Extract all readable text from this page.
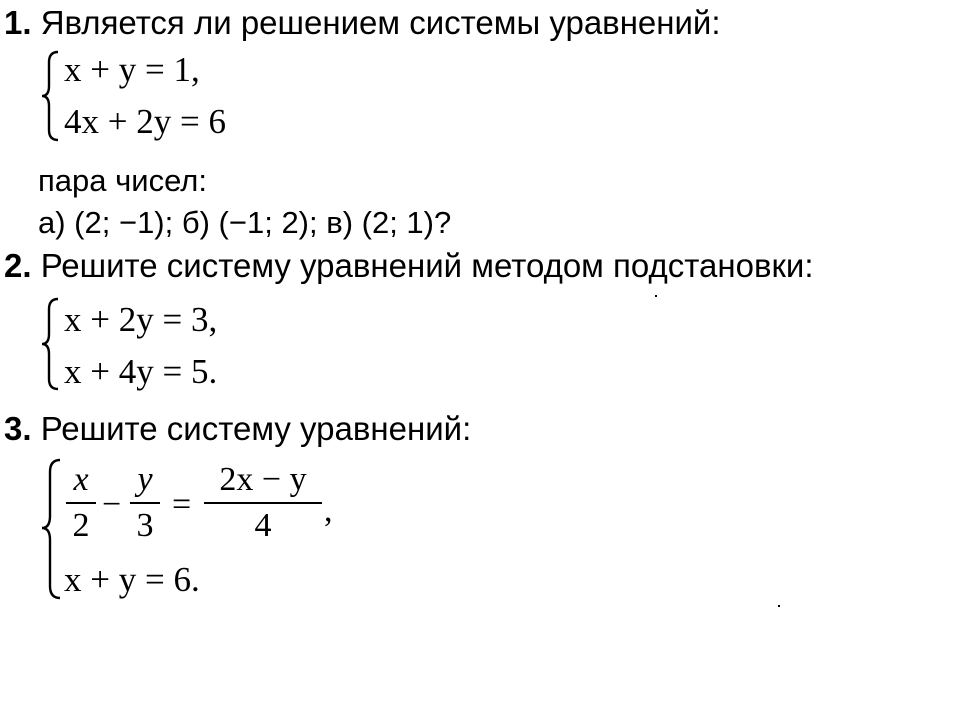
1. Является ли решением системы уравнений:
x + y = 1,
4x + 2y = 6
пара чисел:
а) (2; −1); б) (−1; 2); в) (2; 1)?
2. Решите систему уравнений методом подстановки:
x + 2y = 3,
x + 4y = 5.
3. Решите систему уравнений:
x
2
−
y
3
=
2x − y
4	,
x + y = 6.
